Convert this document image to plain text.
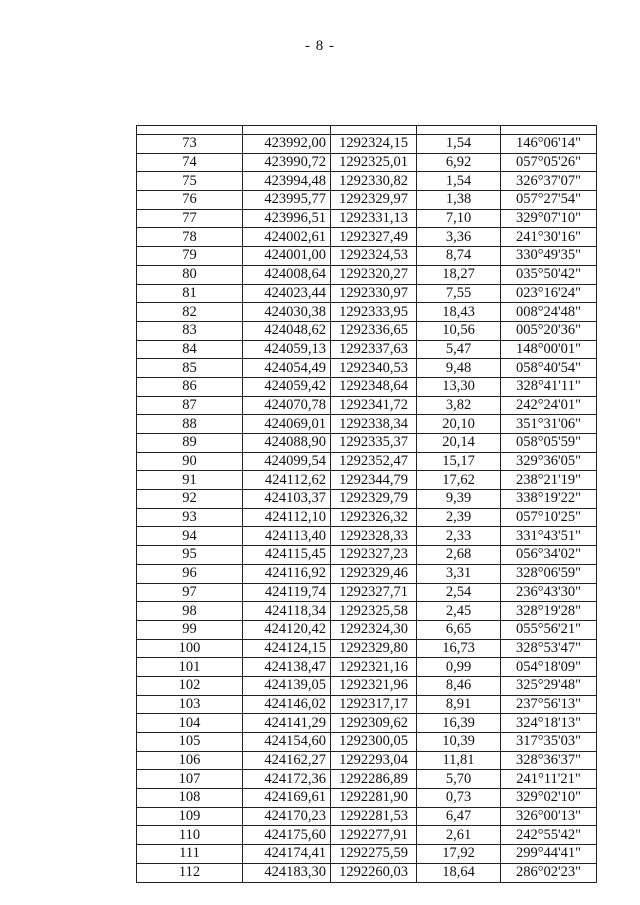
- 8 -

73	423992,00	1292324,15	1,54	146°06'14"
74	423990,72	1292325,01	6,92	057°05'26"
75	423994,48	1292330,82	1,54	326°37'07"
76	423995,77	1292329,97	1,38	057°27'54"
77	423996,51	1292331,13	7,10	329°07'10"
78	424002,61	1292327,49	3,36	241°30'16"
79	424001,00	1292324,53	8,74	330°49'35"
80	424008,64	1292320,27	18,27	035°50'42"
81	424023,44	1292330,97	7,55	023°16'24"
82	424030,38	1292333,95	18,43	008°24'48"
83	424048,62	1292336,65	10,56	005°20'36"
84	424059,13	1292337,63	5,47	148°00'01"
85	424054,49	1292340,53	9,48	058°40'54"
86	424059,42	1292348,64	13,30	328°41'11"
87	424070,78	1292341,72	3,82	242°24'01"
88	424069,01	1292338,34	20,10	351°31'06"
89	424088,90	1292335,37	20,14	058°05'59"
90	424099,54	1292352,47	15,17	329°36'05"
91	424112,62	1292344,79	17,62	238°21'19"
92	424103,37	1292329,79	9,39	338°19'22"
93	424112,10	1292326,32	2,39	057°10'25"
94	424113,40	1292328,33	2,33	331°43'51"
95	424115,45	1292327,23	2,68	056°34'02"
96	424116,92	1292329,46	3,31	328°06'59"
97	424119,74	1292327,71	2,54	236°43'30"
98	424118,34	1292325,58	2,45	328°19'28"
99	424120,42	1292324,30	6,65	055°56'21"
100	424124,15	1292329,80	16,73	328°53'47"
101	424138,47	1292321,16	0,99	054°18'09"
102	424139,05	1292321,96	8,46	325°29'48"
103	424146,02	1292317,17	8,91	237°56'13"
104	424141,29	1292309,62	16,39	324°18'13"
105	424154,60	1292300,05	10,39	317°35'03"
106	424162,27	1292293,04	11,81	328°36'37"
107	424172,36	1292286,89	5,70	241°11'21"
108	424169,61	1292281,90	0,73	329°02'10"
109	424170,23	1292281,53	6,47	326°00'13"
110	424175,60	1292277,91	2,61	242°55'42"
111	424174,41	1292275,59	17,92	299°44'41"
112	424183,30	1292260,03	18,64	286°02'23"
